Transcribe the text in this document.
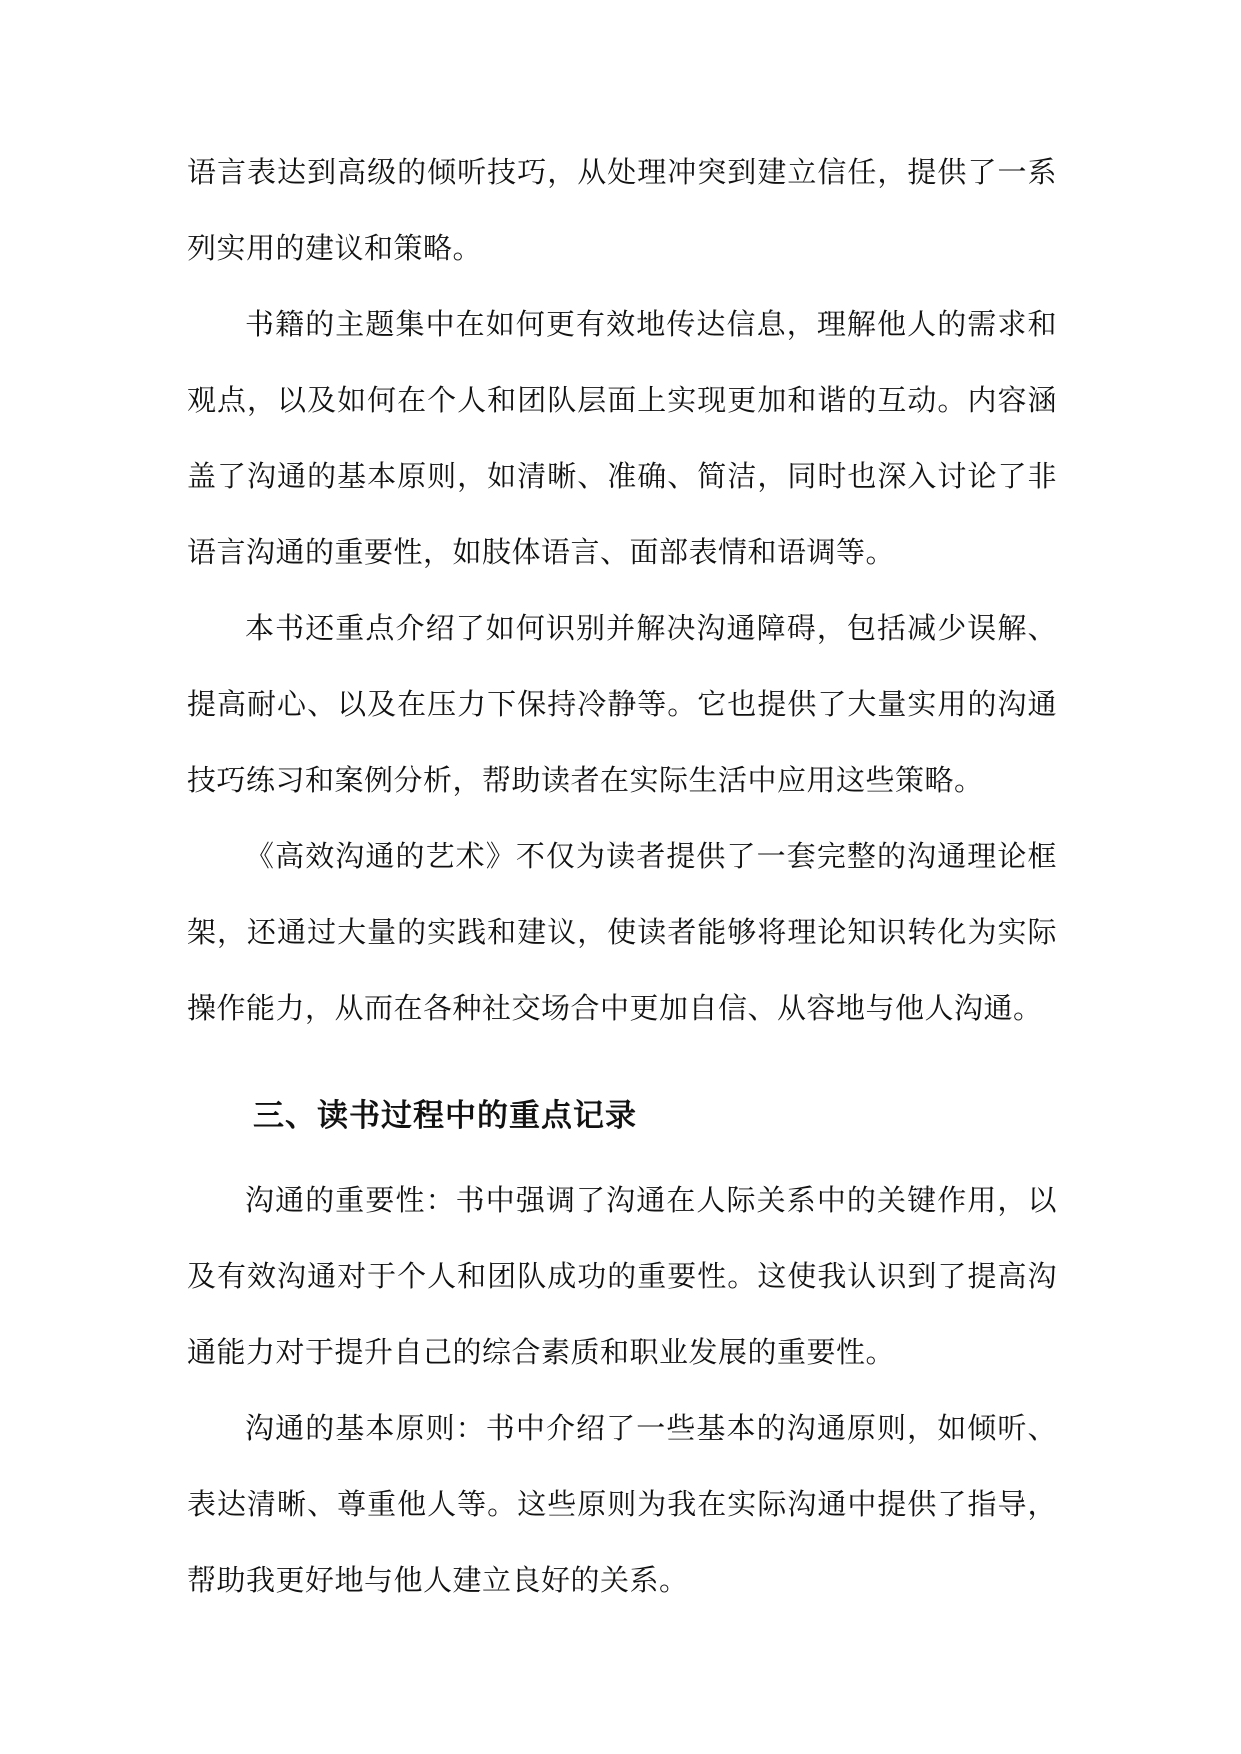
语言表达到高级的倾听技巧，从处理冲突到建立信任，提供了一系列实用的建议和策略。

书籍的主题集中在如何更有效地传达信息，理解他人的需求和观点，以及如何在个人和团队层面上实现更加和谐的互动。内容涵盖了沟通的基本原则，如清晰、准确、简洁，同时也深入讨论了非语言沟通的重要性，如肢体语言、面部表情和语调等。

本书还重点介绍了如何识别并解决沟通障碍，包括减少误解、提高耐心、以及在压力下保持冷静等。它也提供了大量实用的沟通技巧练习和案例分析，帮助读者在实际生活中应用这些策略。

《高效沟通的艺术》不仅为读者提供了一套完整的沟通理论框架，还通过大量的实践和建议，使读者能够将理论知识转化为实际操作能力，从而在各种社交场合中更加自信、从容地与他人沟通。

三、读书过程中的重点记录

沟通的重要性：书中强调了沟通在人际关系中的关键作用，以及有效沟通对于个人和团队成功的重要性。这使我认识到了提高沟通能力对于提升自己的综合素质和职业发展的重要性。

沟通的基本原则：书中介绍了一些基本的沟通原则，如倾听、表达清晰、尊重他人等。这些原则为我在实际沟通中提供了指导，帮助我更好地与他人建立良好的关系。
